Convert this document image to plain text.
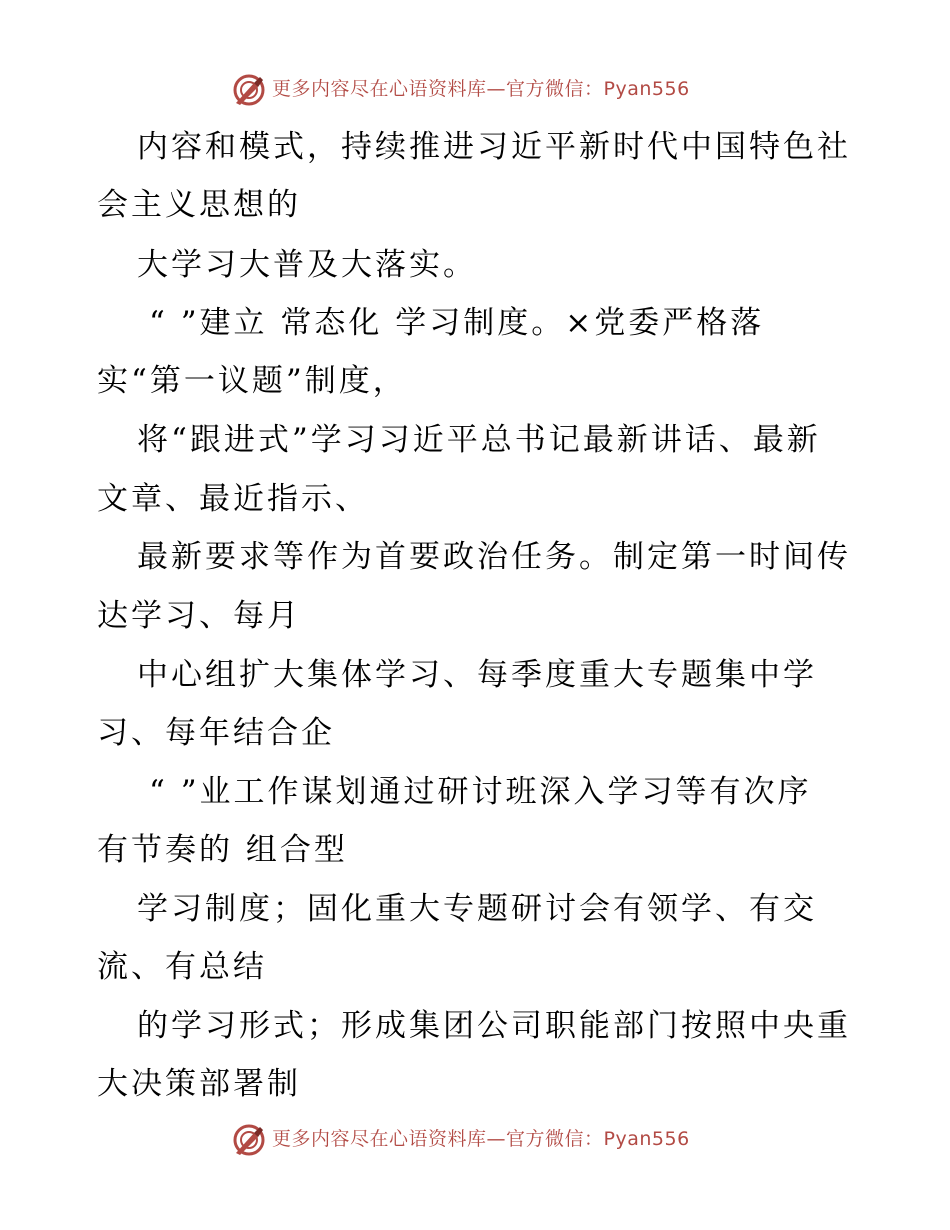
更多内容尽在心语资料库—官方微信：Pyan556
内容和模式，持续推进习近平新时代中国特色社
会主义思想的
大学习大普及大落实。
“ ”建立 常态化 学习制度。×党委严格落
实“第一议题”制度，
将“跟进式”学习习近平总书记最新讲话、最新
文章、最近指示、
最新要求等作为首要政治任务。制定第一时间传
达学习、每月
中心组扩大集体学习、每季度重大专题集中学
习、每年结合企
“ ”业工作谋划通过研讨班深入学习等有次序
有节奏的 组合型
学习制度；固化重大专题研讨会有领学、有交
流、有总结
的学习形式；形成集团公司职能部门按照中央重
大决策部署制
更多内容尽在心语资料库—官方微信：Pyan556
